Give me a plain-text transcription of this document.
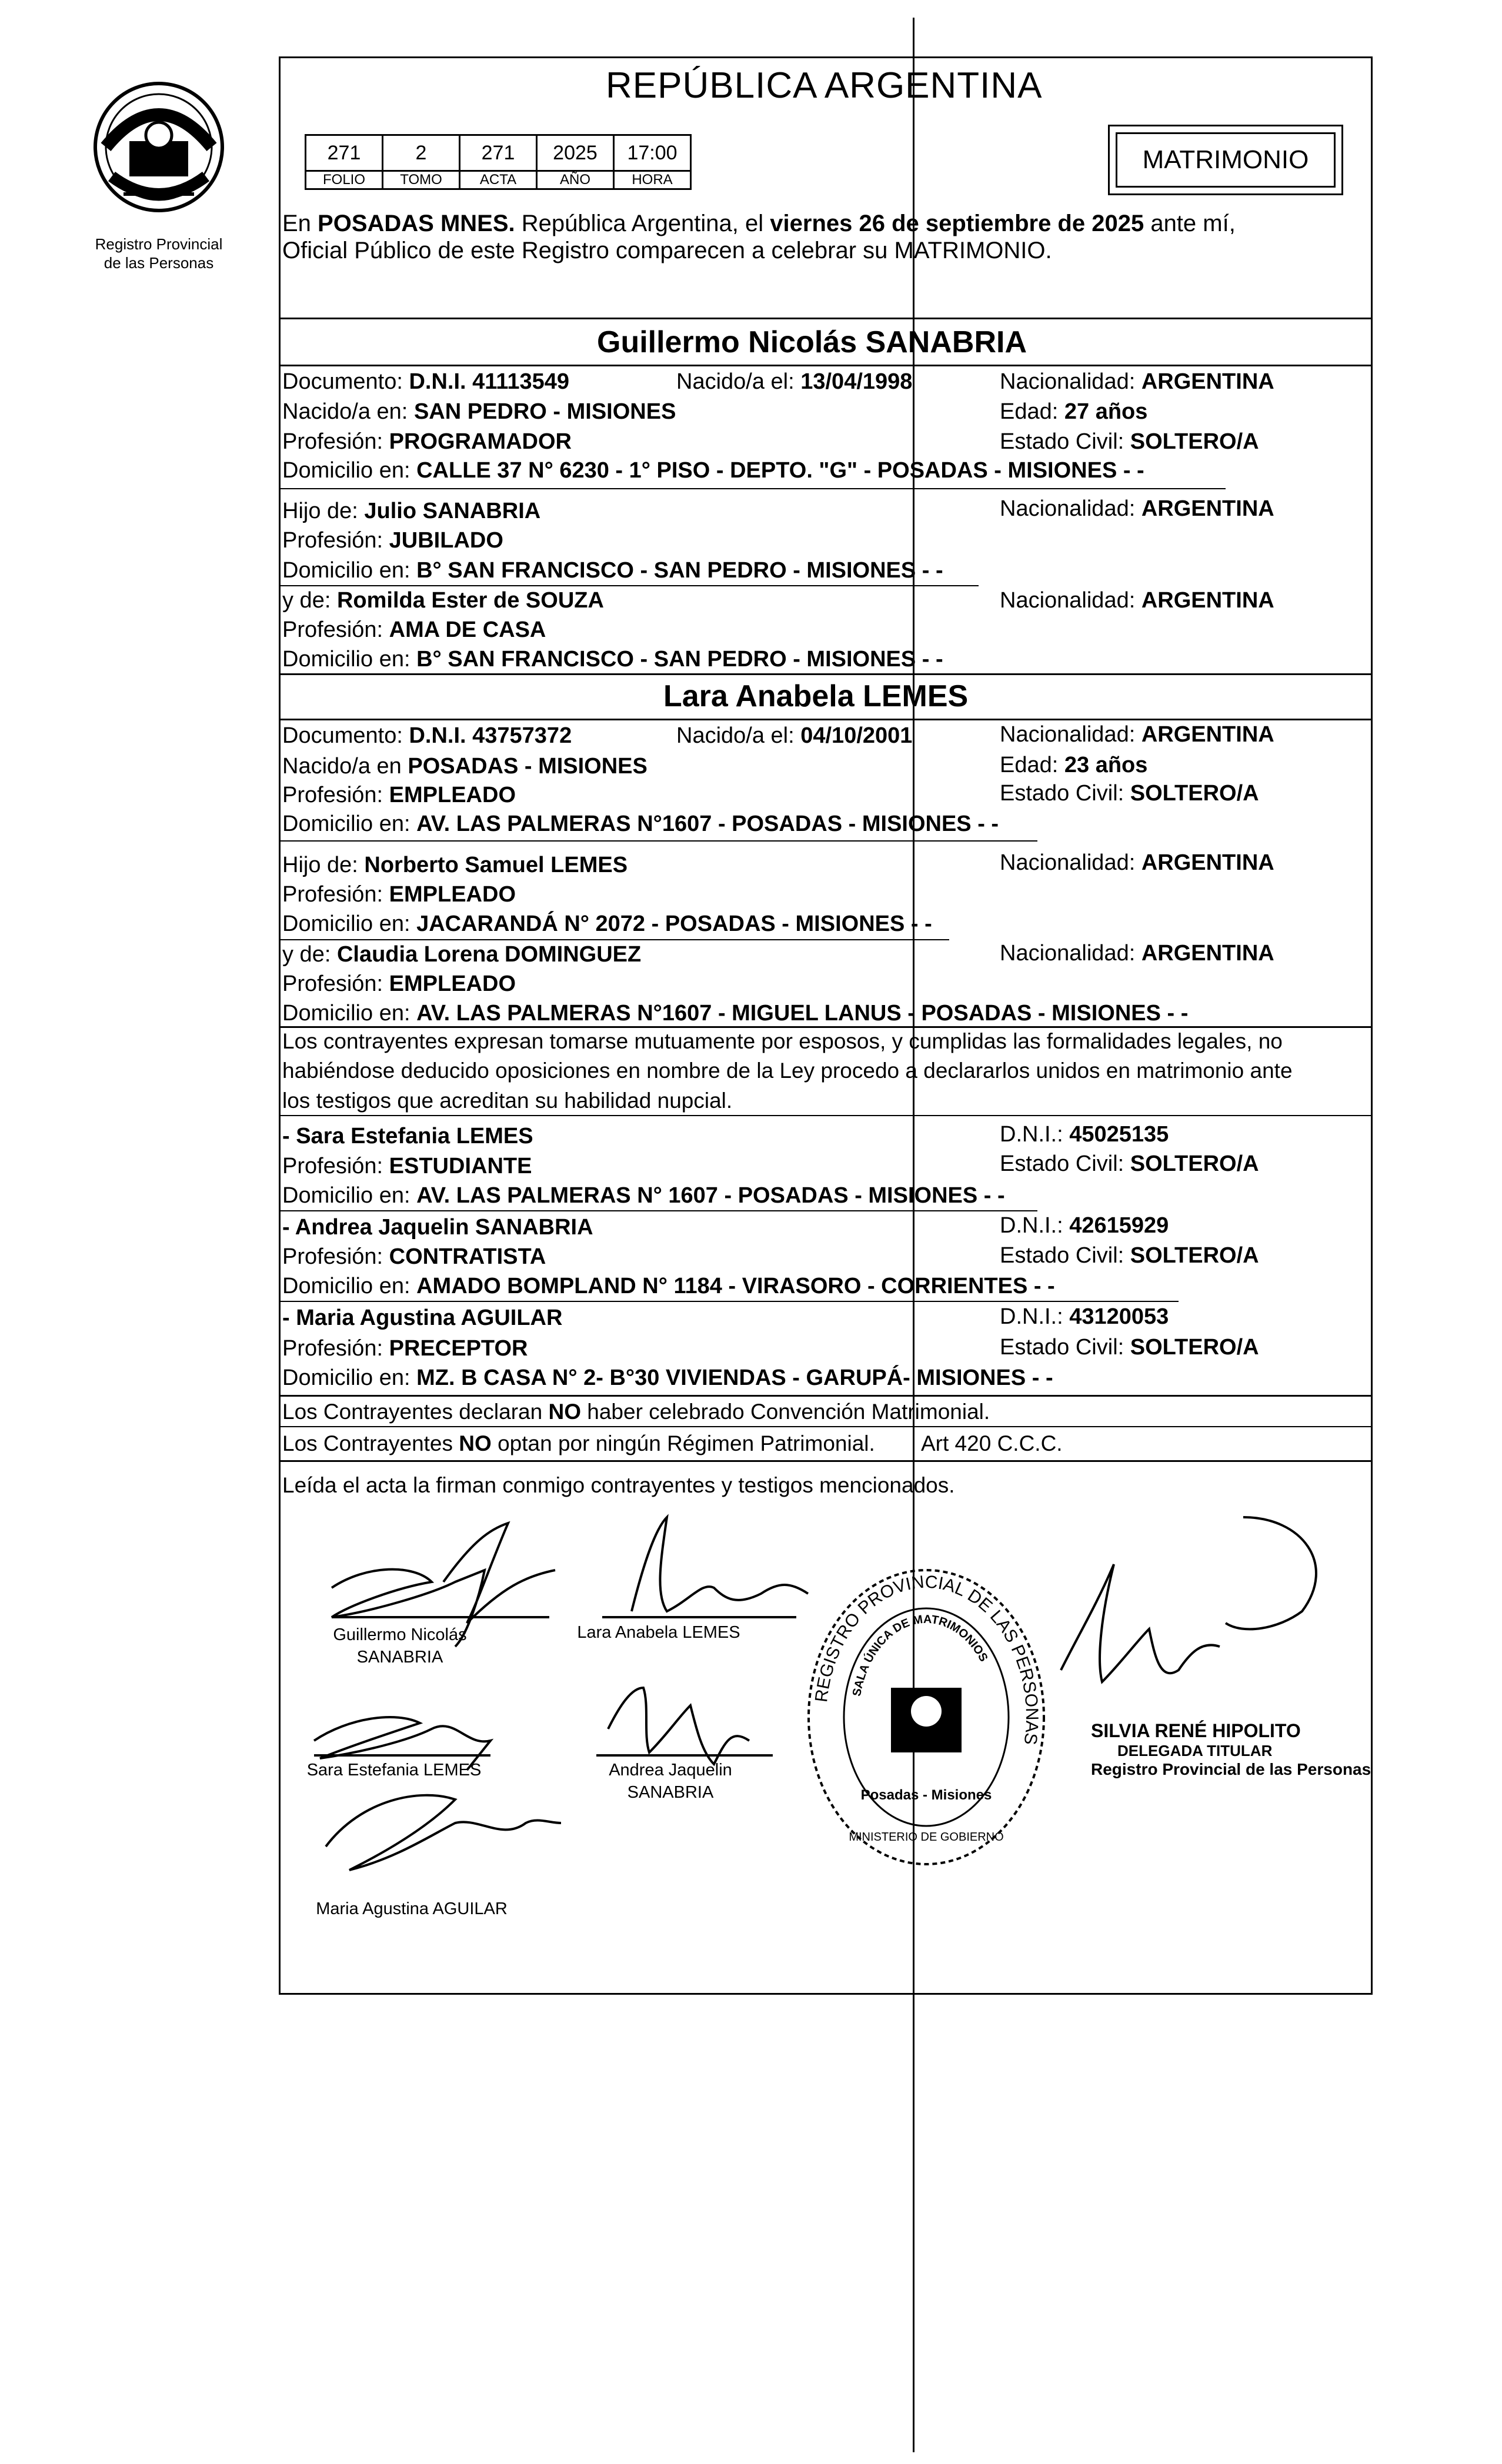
Registro Provincial
de las Personas
REPÚBLICA ARGENTINA
271	2	271	2025	17:00
FOLIO	TOMO	ACTA	AÑO	HORA
MATRIMONIO
En POSADAS MNES. República Argentina, el viernes 26 de septiembre de 2025 ante mí,
Oficial Público de este Registro comparecen a celebrar su MATRIMONIO.
Guillermo Nicolás SANABRIA
Documento: D.N.I. 41113549	Nacido/a el: 13/04/1998	Nacionalidad: ARGENTINA
Nacido/a en: SAN PEDRO - MISIONES	Edad: 27 años
Profesión: PROGRAMADOR	Estado Civil: SOLTERO/A
Domicilio en: CALLE 37 N° 6230 - 1° PISO - DEPTO. "G" - POSADAS - MISIONES - -
Hijo de: Julio SANABRIA	Nacionalidad: ARGENTINA
Profesión: JUBILADO
Domicilio en: B° SAN FRANCISCO - SAN PEDRO - MISIONES - -
y de: Romilda Ester de SOUZA	Nacionalidad: ARGENTINA
Profesión: AMA DE CASA
Domicilio en: B° SAN FRANCISCO - SAN PEDRO - MISIONES - -
Lara Anabela LEMES
Documento: D.N.I. 43757372	Nacido/a el: 04/10/2001	Nacionalidad: ARGENTINA
Nacido/a en POSADAS - MISIONES	Edad: 23 años
Profesión: EMPLEADO	Estado Civil: SOLTERO/A
Domicilio en: AV. LAS PALMERAS N°1607 - POSADAS - MISIONES - -
Hijo de: Norberto Samuel LEMES	Nacionalidad: ARGENTINA
Profesión: EMPLEADO
Domicilio en: JACARANDÁ N° 2072 - POSADAS - MISIONES - -
y de: Claudia Lorena DOMINGUEZ	Nacionalidad: ARGENTINA
Profesión: EMPLEADO
Domicilio en: AV. LAS PALMERAS N°1607 - MIGUEL LANUS - POSADAS - MISIONES - -
Los contrayentes expresan tomarse mutuamente por esposos, y cumplidas las formalidades legales, no
habiéndose deducido oposiciones en nombre de la Ley procedo a declararlos unidos en matrimonio ante
los testigos que acreditan su habilidad nupcial.
- Sara Estefania LEMES	D.N.I.: 45025135
Profesión: ESTUDIANTE	Estado Civil: SOLTERO/A
Domicilio en: AV. LAS PALMERAS N° 1607 - POSADAS - MISIONES - -
- Andrea Jaquelin SANABRIA	D.N.I.: 42615929
Profesión: CONTRATISTA	Estado Civil: SOLTERO/A
Domicilio en: AMADO BOMPLAND N° 1184 - VIRASORO - CORRIENTES - -
- Maria Agustina AGUILAR	D.N.I.: 43120053
Profesión: PRECEPTOR	Estado Civil: SOLTERO/A
Domicilio en: MZ. B CASA N° 2- B°30 VIVIENDAS - GARUPÁ- MISIONES - -
Los Contrayentes declaran NO haber celebrado Convención Matrimonial.
Los Contrayentes NO optan por ningún Régimen Patrimonial. Art 420 C.C.C.
Leída el acta la firman conmigo contrayentes y testigos mencionados.
Guillermo Nicolás
SANABRIA
Lara Anabela LEMES
Sara Estefania LEMES	Andrea Jaquelin
SANABRIA
Maria Agustina AGUILAR
REGISTRO PROVINCIAL DE LAS PERSONAS
SALA ÚNICA DE MATRIMONIOS
Posadas - Misiones
MINISTERIO DE GOBIERNO
SILVIA RENÉ HIPOLITO
DELEGADA TITULAR
Registro Provincial de las Personas
